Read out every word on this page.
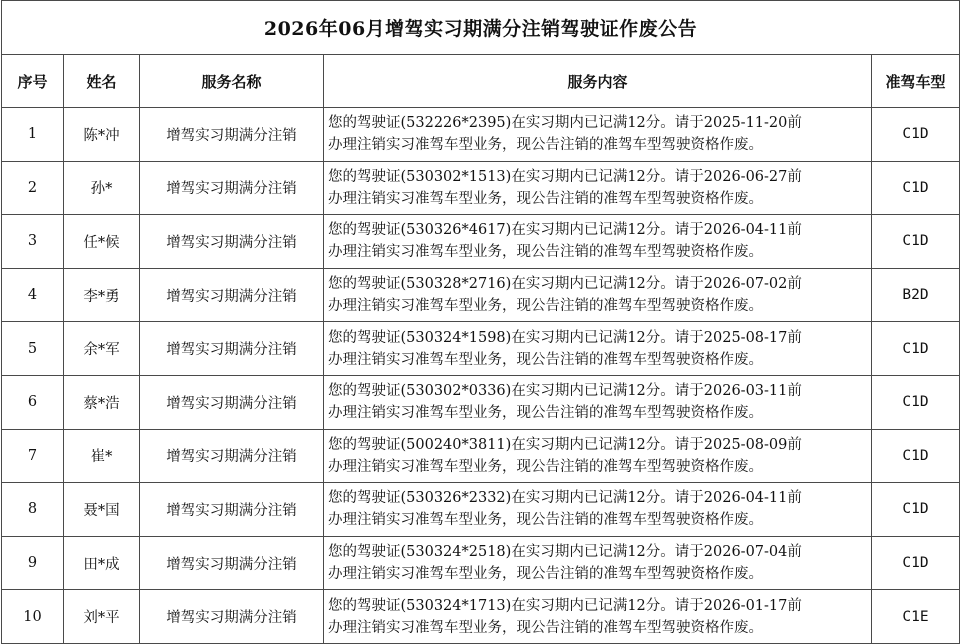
2026年06月增驾实习期满分注销驾驶证作废公告				
序号	姓名	服务名称	服务内容	准驾车型
1	陈*冲	增驾实习期满分注销	您的驾驶证(532226*2395)在实习期内已记满12分。请于2025-11-20前
办理注销实习准驾车型业务，现公告注销的准驾车型驾驶资格作废。	C1D
2	孙*	增驾实习期满分注销	您的驾驶证(530302*1513)在实习期内已记满12分。请于2026-06-27前
办理注销实习准驾车型业务，现公告注销的准驾车型驾驶资格作废。	C1D
3	任*候	增驾实习期满分注销	您的驾驶证(530326*4617)在实习期内已记满12分。请于2026-04-11前
办理注销实习准驾车型业务，现公告注销的准驾车型驾驶资格作废。	C1D
4	李*勇	增驾实习期满分注销	您的驾驶证(530328*2716)在实习期内已记满12分。请于2026-07-02前
办理注销实习准驾车型业务，现公告注销的准驾车型驾驶资格作废。	B2D
5	余*军	增驾实习期满分注销	您的驾驶证(530324*1598)在实习期内已记满12分。请于2025-08-17前
办理注销实习准驾车型业务，现公告注销的准驾车型驾驶资格作废。	C1D
6	蔡*浩	增驾实习期满分注销	您的驾驶证(530302*0336)在实习期内已记满12分。请于2026-03-11前
办理注销实习准驾车型业务，现公告注销的准驾车型驾驶资格作废。	C1D
7	崔*	增驾实习期满分注销	您的驾驶证(500240*3811)在实习期内已记满12分。请于2025-08-09前
办理注销实习准驾车型业务，现公告注销的准驾车型驾驶资格作废。	C1D
8	聂*国	增驾实习期满分注销	您的驾驶证(530326*2332)在实习期内已记满12分。请于2026-04-11前
办理注销实习准驾车型业务，现公告注销的准驾车型驾驶资格作废。	C1D
9	田*成	增驾实习期满分注销	您的驾驶证(530324*2518)在实习期内已记满12分。请于2026-07-04前
办理注销实习准驾车型业务，现公告注销的准驾车型驾驶资格作废。	C1D
10	刘*平	增驾实习期满分注销	您的驾驶证(530324*1713)在实习期内已记满12分。请于2026-01-17前
办理注销实习准驾车型业务，现公告注销的准驾车型驾驶资格作废。	C1E
